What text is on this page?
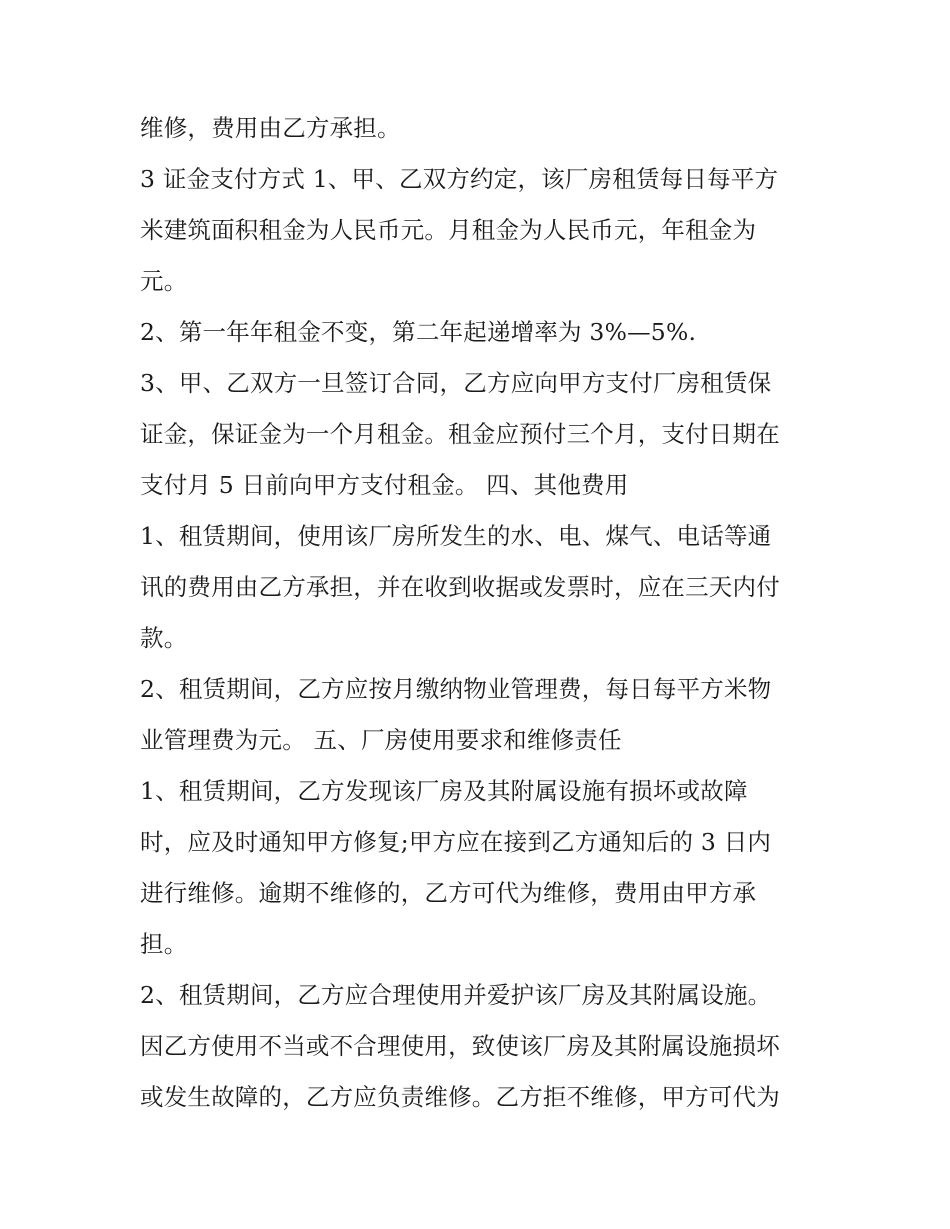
维修，费用由乙方承担。
3 证金支付方式 1、甲、乙双方约定，该厂房租赁每日每平方
米建筑面积租金为人民币元。月租金为人民币元，年租金为
元。
2、第一年年租金不变，第二年起递增率为 3%—5%.
3、甲、乙双方一旦签订合同，乙方应向甲方支付厂房租赁保
证金，保证金为一个月租金。租金应预付三个月，支付日期在
支付月 5 日前向甲方支付租金。 四、其他费用
1、租赁期间，使用该厂房所发生的水、电、煤气、电话等通
讯的费用由乙方承担，并在收到收据或发票时，应在三天内付
款。
2、租赁期间，乙方应按月缴纳物业管理费，每日每平方米物
业管理费为元。 五、厂房使用要求和维修责任
1、租赁期间，乙方发现该厂房及其附属设施有损坏或故障
时，应及时通知甲方修复;甲方应在接到乙方通知后的 3 日内
进行维修。逾期不维修的，乙方可代为维修，费用由甲方承
担。
2、租赁期间，乙方应合理使用并爱护该厂房及其附属设施。
因乙方使用不当或不合理使用，致使该厂房及其附属设施损坏
或发生故障的，乙方应负责维修。乙方拒不维修，甲方可代为
